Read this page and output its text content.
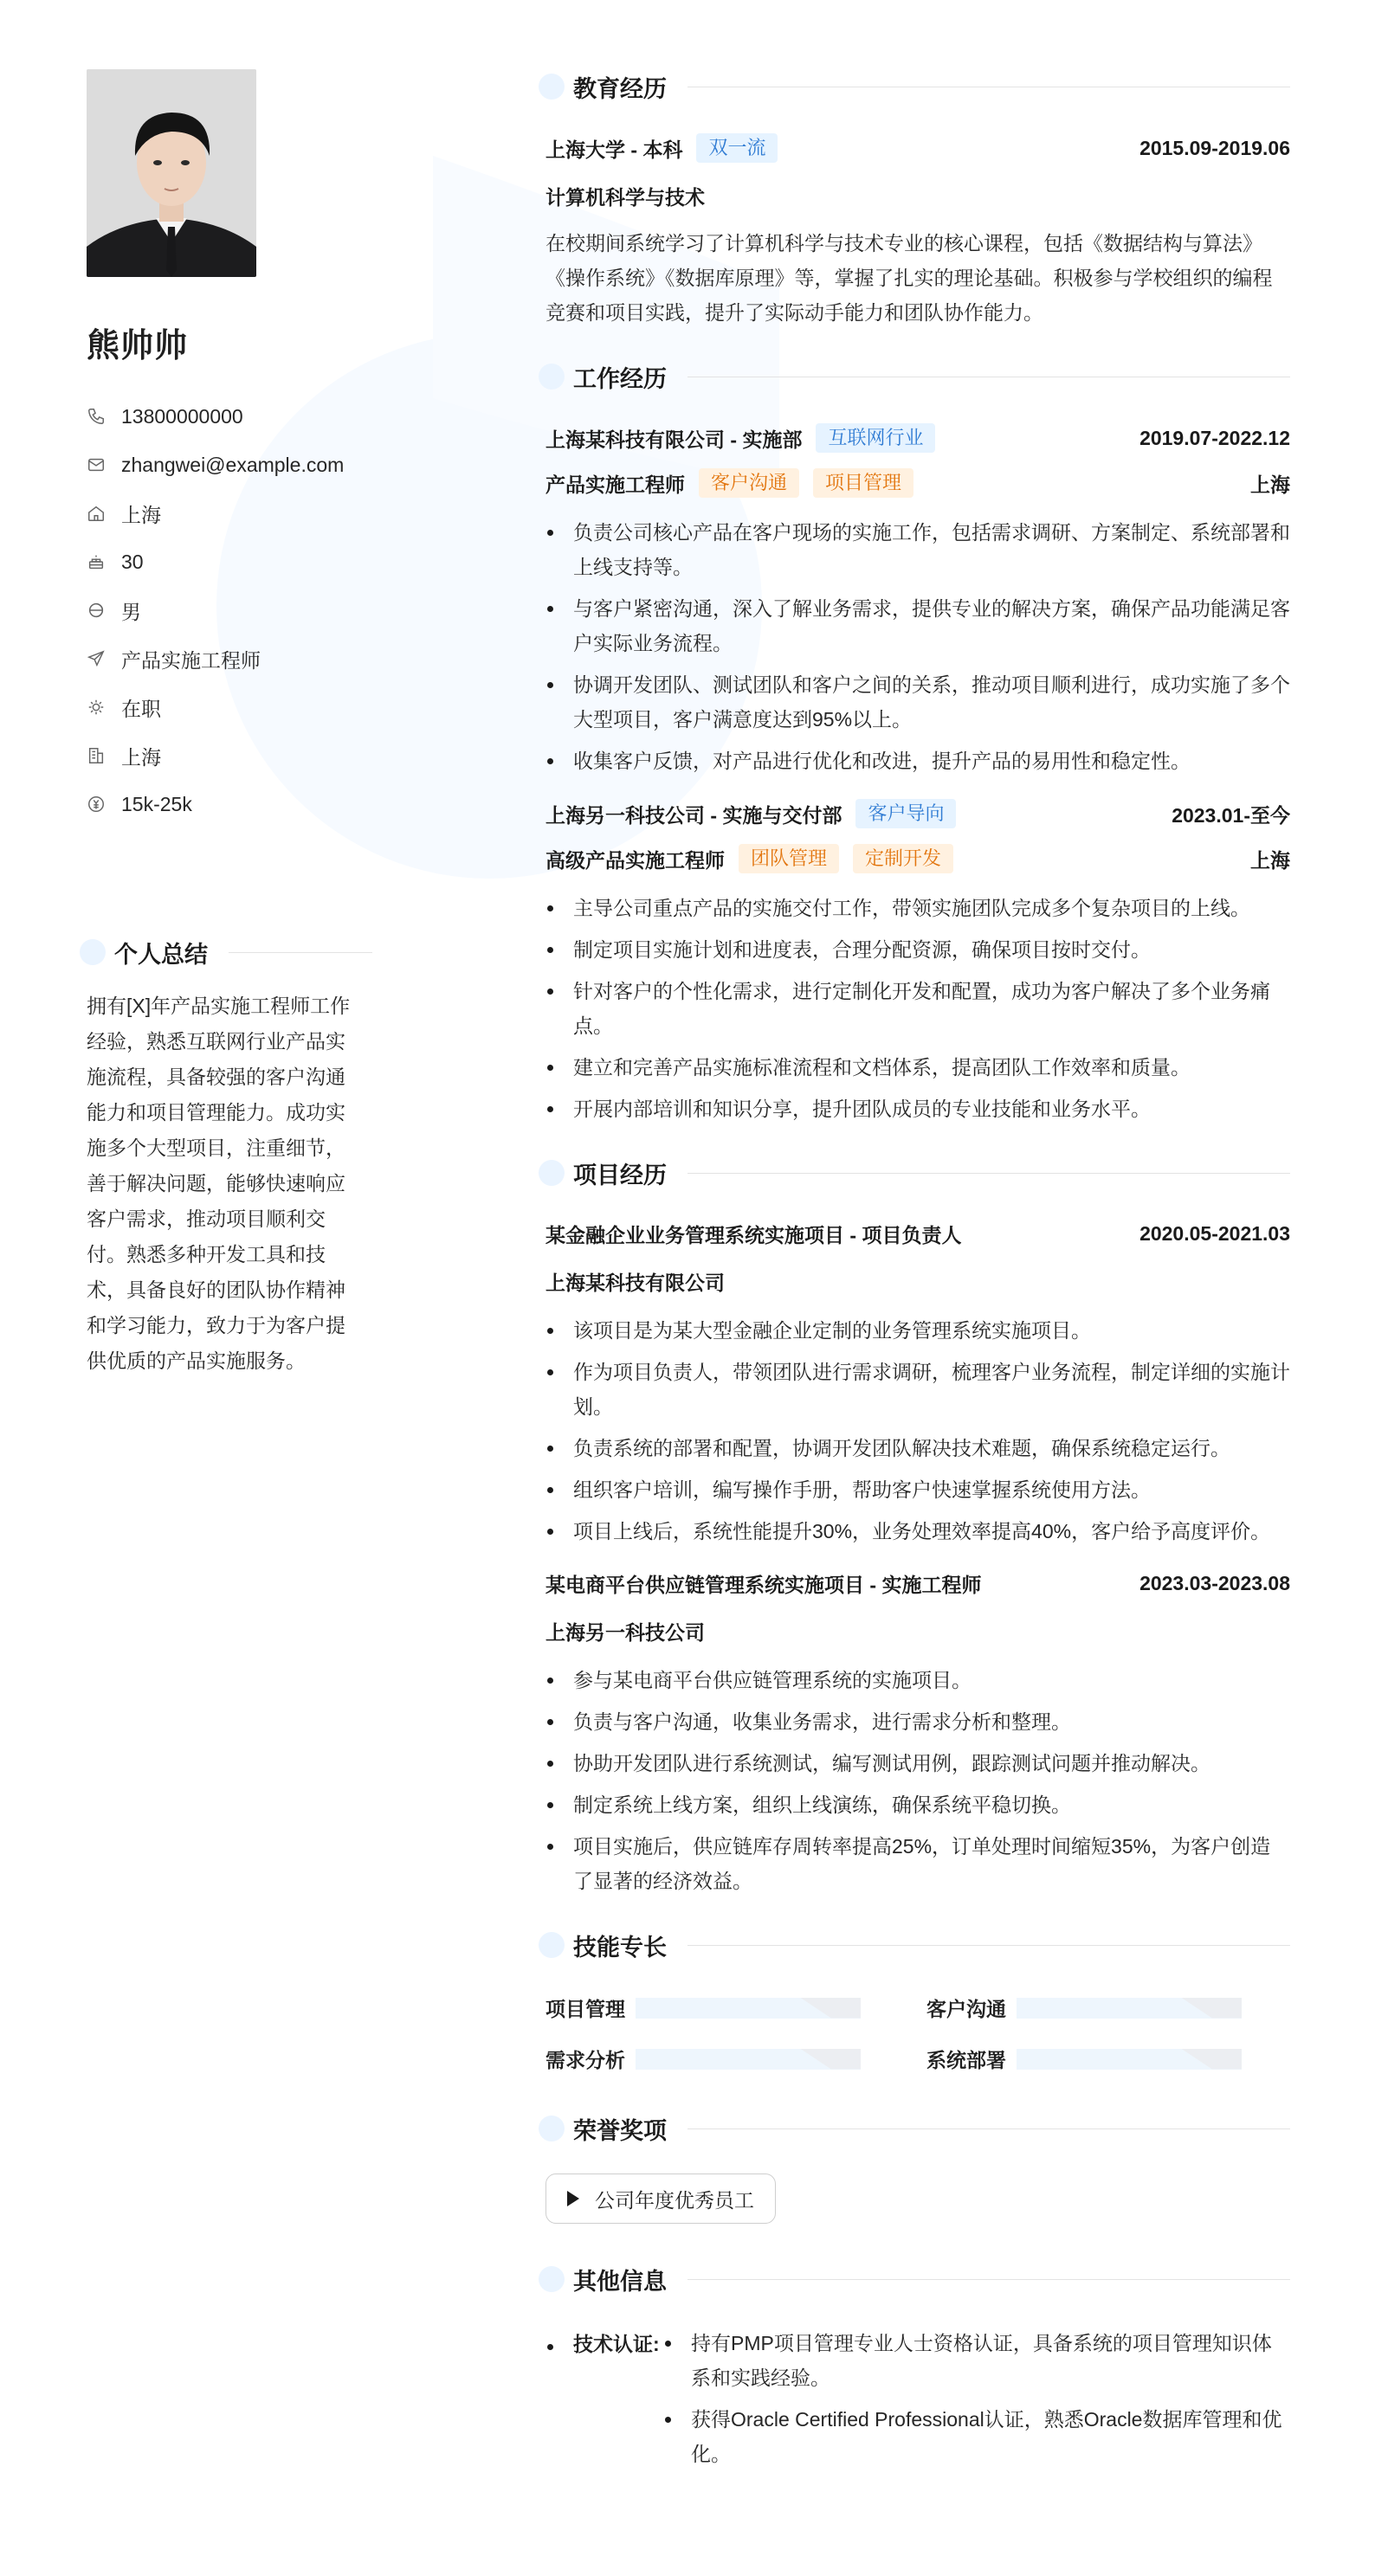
熊帅帅
13800000000
zhangwei@example.com
上海
30
男
产品实施工程师
在职
上海
15k-25k
个人总结
拥有[X]年产品实施工程师工作经验，熟悉互联网行业产品实施流程，具备较强的客户沟通能力和项目管理能力。成功实施多个大型项目，注重细节，善于解决问题，能够快速响应客户需求，推动项目顺利交付。熟悉多种开发工具和技术，具备良好的团队协作精神和学习能力，致力于为客户提供优质的产品实施服务。
教育经历
上海大学 - 本科	双一流	2015.09-2019.06
计算机科学与技术
在校期间系统学习了计算机科学与技术专业的核心课程，包括《数据结构与算法》《操作系统》《数据库原理》等，掌握了扎实的理论基础。积极参与学校组织的编程竞赛和项目实践，提升了实际动手能力和团队协作能力。
工作经历
上海某科技有限公司 - 实施部	互联网行业	2019.07-2022.12
产品实施工程师	客户沟通	项目管理	上海
负责公司核心产品在客户现场的实施工作，包括需求调研、方案制定、系统部署和上线支持等。
与客户紧密沟通，深入了解业务需求，提供专业的解决方案，确保产品功能满足客户实际业务流程。
协调开发团队、测试团队和客户之间的关系，推动项目顺利进行，成功实施了多个大型项目，客户满意度达到95%以上。
收集客户反馈，对产品进行优化和改进，提升产品的易用性和稳定性。
上海另一科技公司 - 实施与交付部	客户导向	2023.01-至今
高级产品实施工程师	团队管理	定制开发	上海
主导公司重点产品的实施交付工作，带领实施团队完成多个复杂项目的上线。
制定项目实施计划和进度表，合理分配资源，确保项目按时交付。
针对客户的个性化需求，进行定制化开发和配置，成功为客户解决了多个业务痛点。
建立和完善产品实施标准流程和文档体系，提高团队工作效率和质量。
开展内部培训和知识分享，提升团队成员的专业技能和业务水平。
项目经历
某金融企业业务管理系统实施项目 - 项目负责人	2020.05-2021.03
上海某科技有限公司
该项目是为某大型金融企业定制的业务管理系统实施项目。
作为项目负责人，带领团队进行需求调研，梳理客户业务流程，制定详细的实施计划。
负责系统的部署和配置，协调开发团队解决技术难题，确保系统稳定运行。
组织客户培训，编写操作手册，帮助客户快速掌握系统使用方法。
项目上线后，系统性能提升30%，业务处理效率提高40%，客户给予高度评价。
某电商平台供应链管理系统实施项目 - 实施工程师	2023.03-2023.08
上海另一科技公司
参与某电商平台供应链管理系统的实施项目。
负责与客户沟通，收集业务需求，进行需求分析和整理。
协助开发团队进行系统测试，编写测试用例，跟踪测试问题并推动解决。
制定系统上线方案，组织上线演练，确保系统平稳切换。
项目实施后，供应链库存周转率提高25%，订单处理时间缩短35%，为客户创造了显著的经济效益。
技能专长
项目管理	客户沟通
需求分析	系统部署
荣誉奖项
公司年度优秀员工
其他信息
技术认证:	持有PMP项目管理专业人士资格认证，具备系统的项目管理知识体系和实践经验。
获得Oracle Certified Professional认证，熟悉Oracle数据库管理和优化。
